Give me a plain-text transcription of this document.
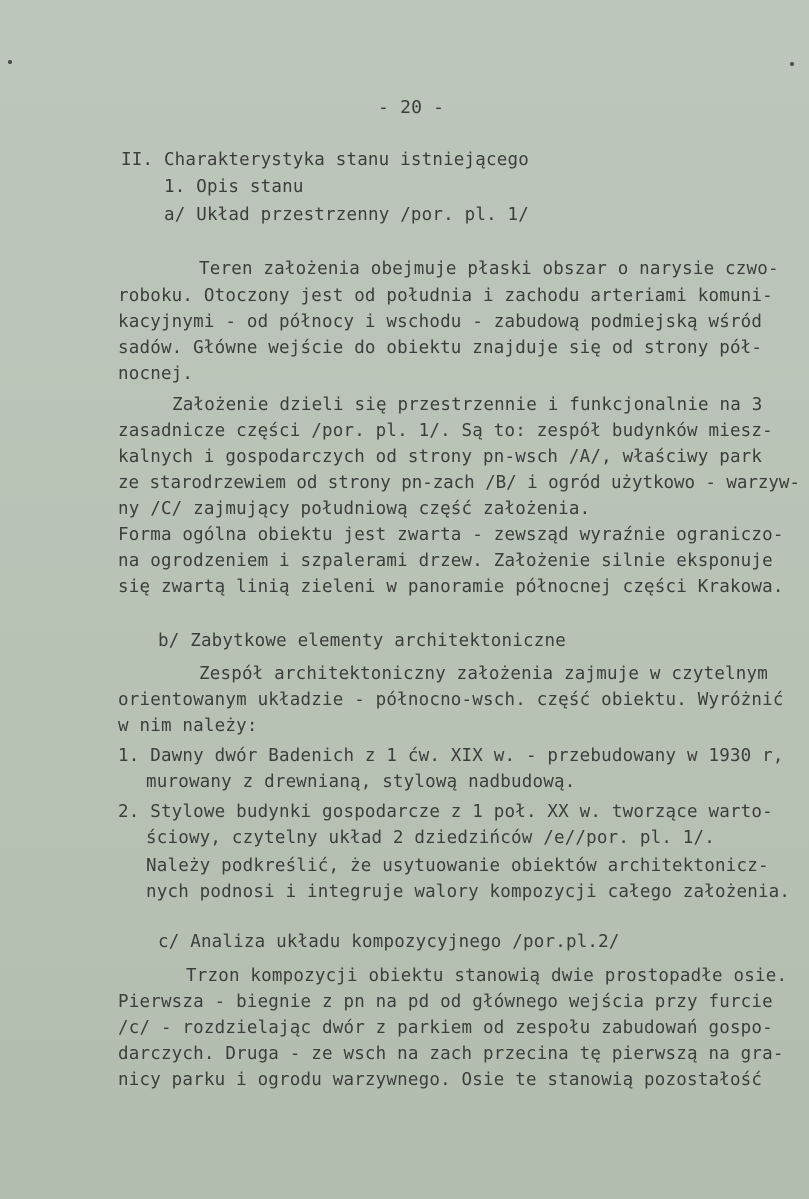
- 20 -
II. Charakterystyka stanu istniejącego
1. Opis stanu
a/ Układ przestrzenny /por. pl. 1/
Teren założenia obejmuje płaski obszar o narysie czwo-
roboku. Otoczony jest od południa i zachodu arteriami komuni-
kacyjnymi - od północy i wschodu - zabudową podmiejską wśród
sadów. Główne wejście do obiektu znajduje się od strony pół-
nocnej.
Założenie dzieli się przestrzennie i funkcjonalnie na 3
zasadnicze części /por. pl. 1/. Są to: zespół budynków miesz-
kalnych i gospodarczych od strony pn-wsch /A/, właściwy park
ze starodrzewiem od strony pn-zach /B/ i ogród użytkowo - warzyw-
ny /C/ zajmujący południową część założenia.
Forma ogólna obiektu jest zwarta - zewsząd wyraźnie ograniczo-
na ogrodzeniem i szpalerami drzew. Założenie silnie eksponuje
się zwartą linią zieleni w panoramie północnej części Krakowa.
b/ Zabytkowe elementy architektoniczne
Zespół architektoniczny założenia zajmuje w czytelnym
orientowanym układzie - północno-wsch. część obiektu. Wyróżnić
w nim należy:
1. Dawny dwór Badenich z 1 ćw. XIX w. - przebudowany w 1930 r,
murowany z drewnianą, stylową nadbudową.
2. Stylowe budynki gospodarcze z 1 poł. XX w. tworzące warto-
ściowy, czytelny układ 2 dziedzińców /e//por. pl. 1/.
Należy podkreślić, że usytuowanie obiektów architektonicz-
nych podnosi i integruje walory kompozycji całego założenia.
c/ Analiza układu kompozycyjnego /por.pl.2/
Trzon kompozycji obiektu stanowią dwie prostopadłe osie.
Pierwsza - biegnie z pn na pd od głównego wejścia przy furcie
/c/ - rozdzielając dwór z parkiem od zespołu zabudowań gospo-
darczych. Druga - ze wsch na zach przecina tę pierwszą na gra-
nicy parku i ogrodu warzywnego. Osie te stanowią pozostałość
